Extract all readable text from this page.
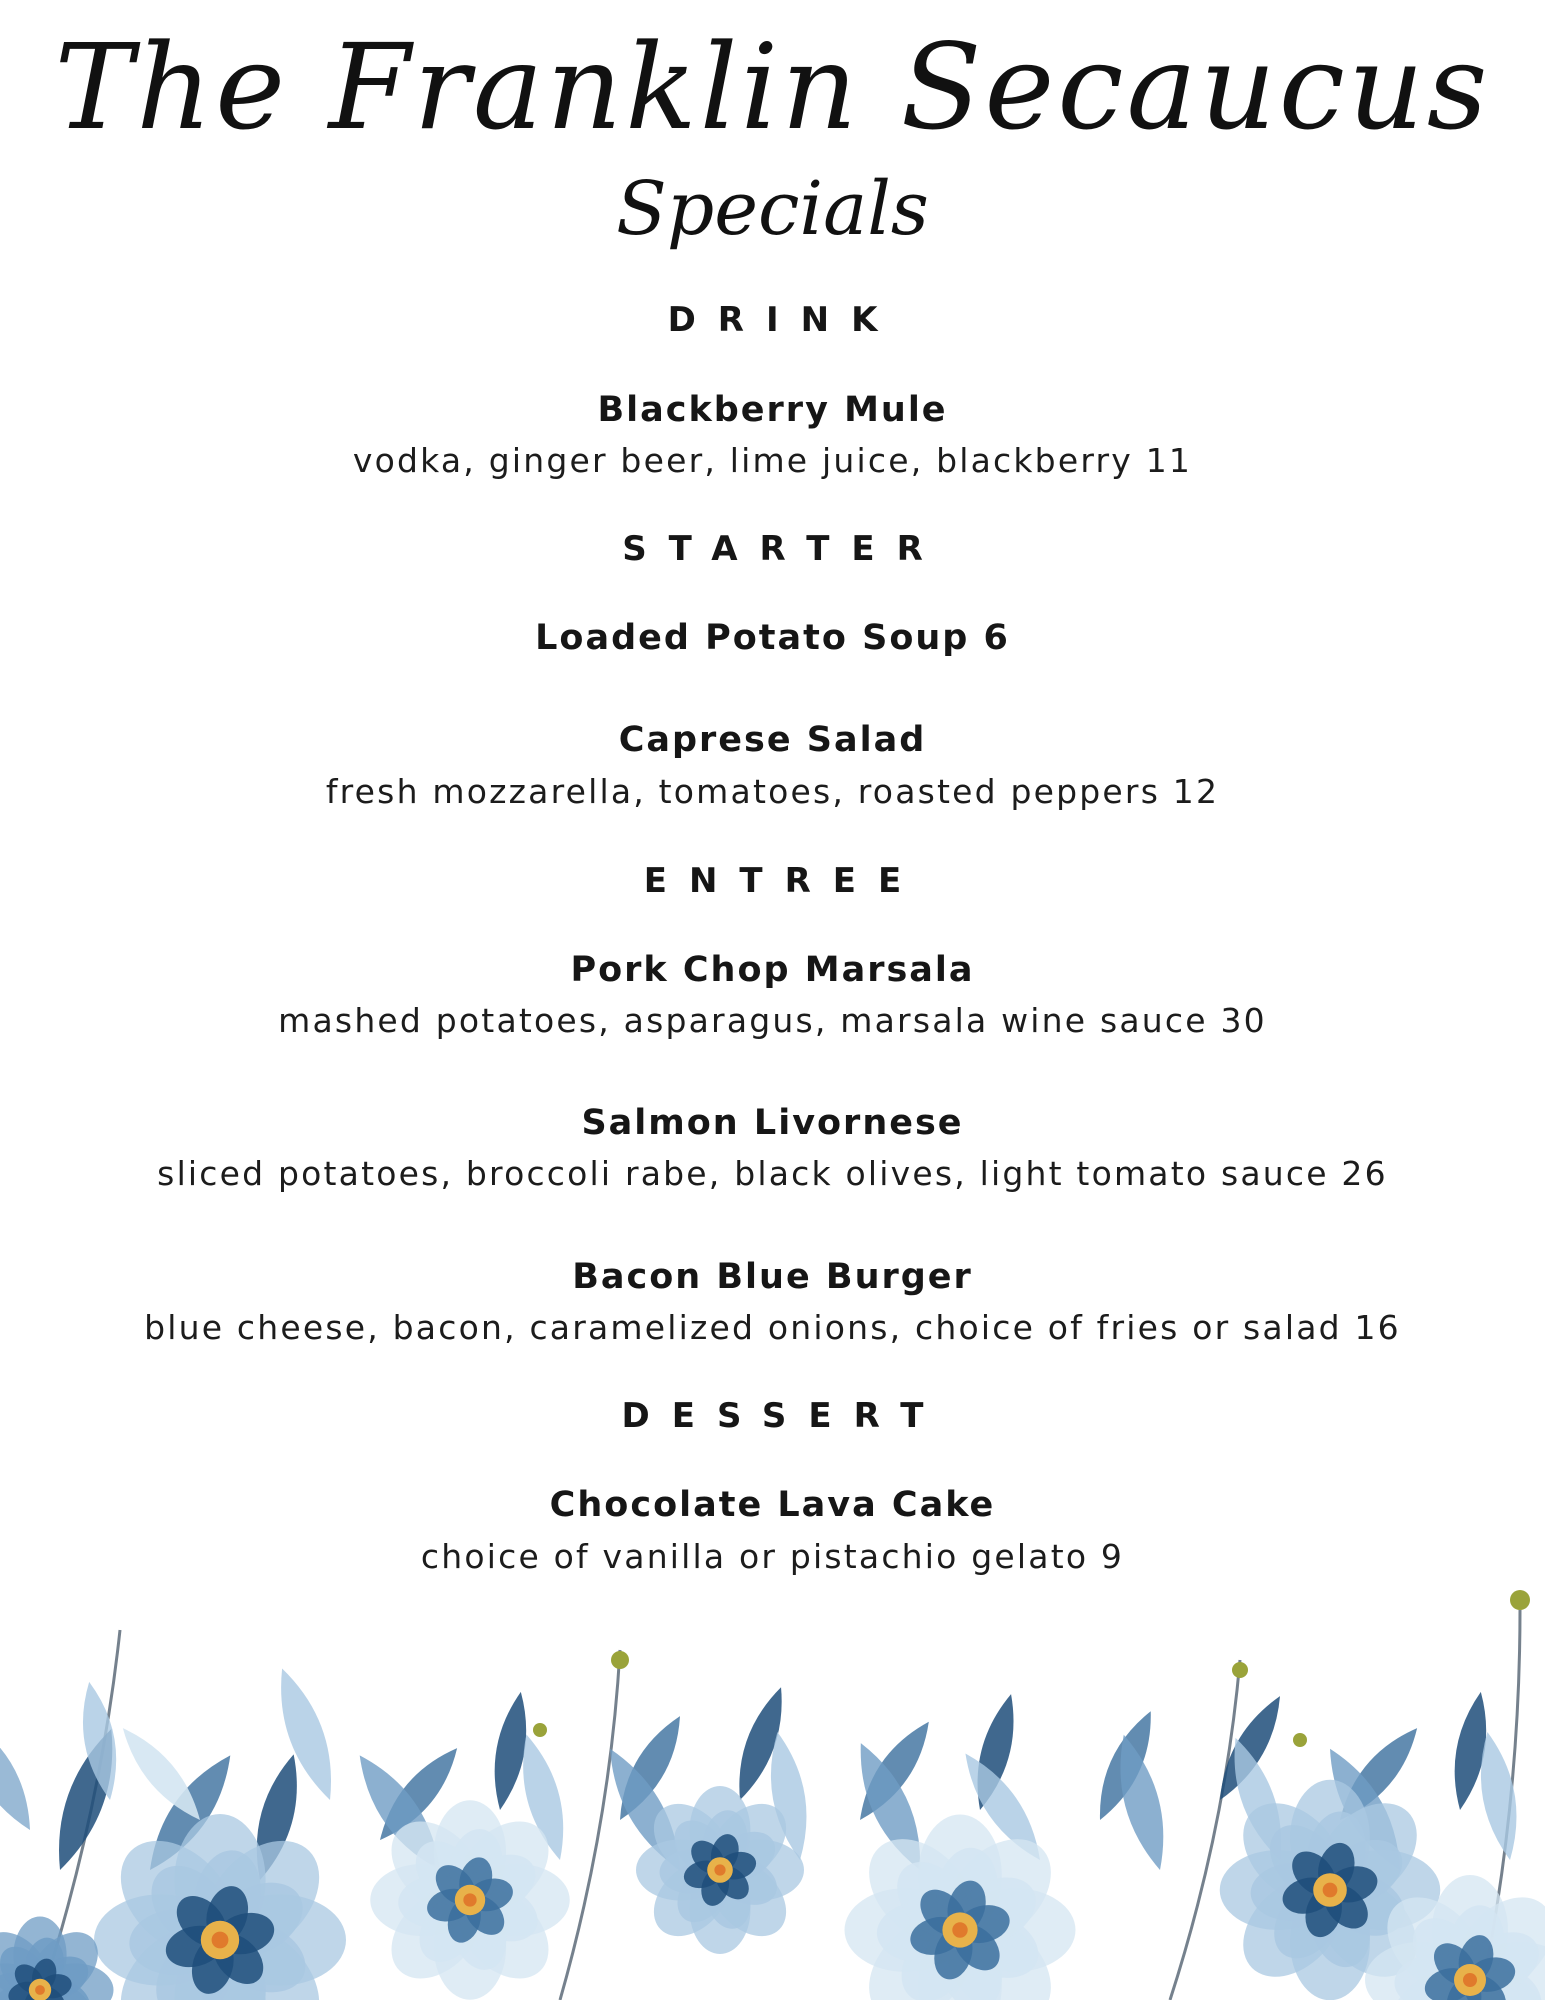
The Franklin Secaucus
Specials
DRINK
Blackberry Mule
vodka, ginger beer, lime juice, blackberry 11
STARTER
Loaded Potato Soup 6
Caprese Salad
fresh mozzarella, tomatoes, roasted peppers 12
ENTREE
Pork Chop Marsala
mashed potatoes, asparagus, marsala wine sauce 30
Salmon Livornese
sliced potatoes, broccoli rabe, black olives, light tomato sauce 26
Bacon Blue Burger
blue cheese, bacon, caramelized onions, choice of fries or salad 16
DESSERT
Chocolate Lava Cake
choice of vanilla or pistachio gelato 9
